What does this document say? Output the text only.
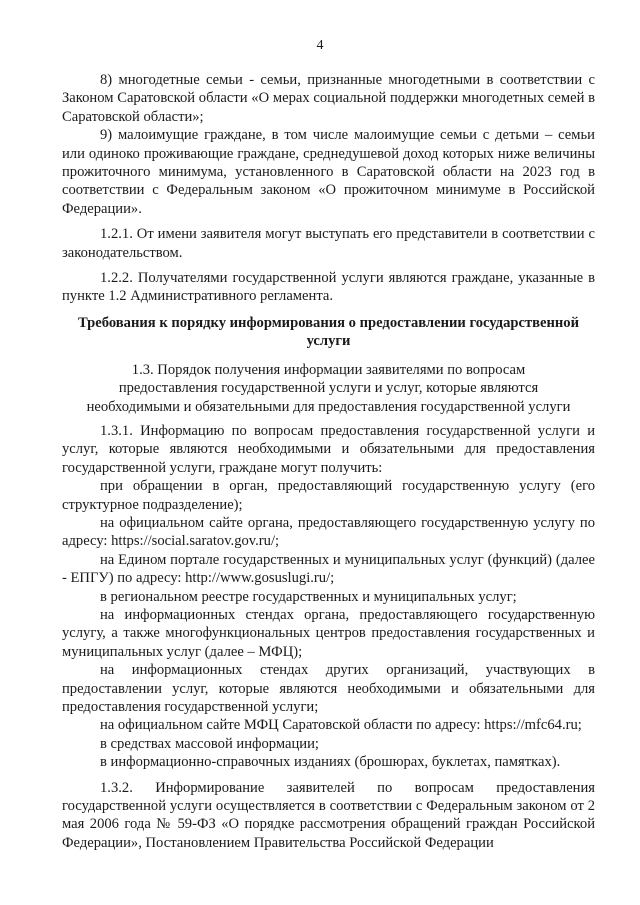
4

8) многодетные семьи - семьи, признанные многодетными в соответствии с Законом Саратовской области «О мерах социальной поддержки многодетных семей в Саратовской области»;

9) малоимущие граждане, в том числе малоимущие семьи с детьми – семьи или одиноко проживающие граждане, среднедушевой доход которых ниже величины прожиточного минимума, установленного в Саратовской области на 2023 год в соответствии с Федеральным законом «О прожиточном минимуме в Российской Федерации».

1.2.1. От имени заявителя могут выступать его представители в соответствии с законодательством.

1.2.2. Получателями государственной услуги являются граждане, указанные в пункте 1.2 Административного регламента.

Требования к порядку информирования о предоставлении государственной услуги
1.3. Порядок получения информации заявителями по вопросам предоставления государственной услуги и услуг, которые являются необходимыми и обязательными для предоставления государственной услуги

1.3.1. Информацию по вопросам предоставления государственной услуги и услуг, которые являются необходимыми и обязательными для предоставления государственной услуги, граждане могут получить:

при обращении в орган, предоставляющий государственную услугу (его структурное подразделение);

на официальном сайте органа, предоставляющего государственную услугу по адресу: https://social.saratov.gov.ru/;

на Едином портале государственных и муниципальных услуг (функций) (далее - ЕПГУ) по адресу: http://www.gosuslugi.ru/;

в региональном реестре государственных и муниципальных услуг;

на информационных стендах органа, предоставляющего государственную услугу, а также многофункциональных центров предоставления государственных и муниципальных услуг (далее – МФЦ);

на информационных стендах других организаций, участвующих в предоставлении услуг, которые являются необходимыми и обязательными для предоставления государственной услуги;

на официальном сайте МФЦ Саратовской области по адресу: https://mfc64.ru;

в средствах массовой информации;

в информационно-справочных изданиях (брошюрах, буклетах, памятках).

1.3.2. Информирование заявителей по вопросам предоставления государственной услуги осуществляется в соответствии с Федеральным законом от 2 мая 2006 года № 59-ФЗ «О порядке рассмотрения обращений граждан Российской Федерации», Постановлением Правительства Российской Федерации
